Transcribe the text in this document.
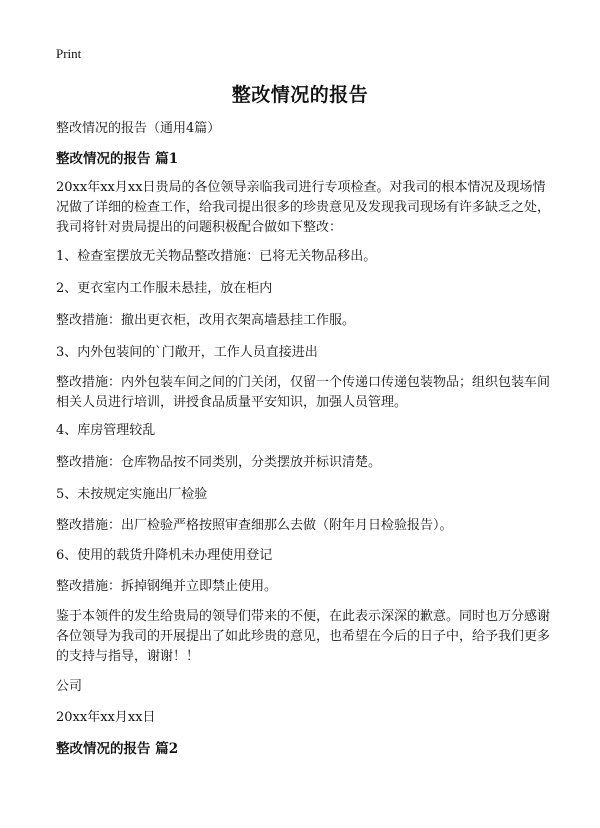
Print
整改情况的报告
整改情况的报告（通用4篇）
整改情况的报告 篇1
20xx年xx月xx日贵局的各位领导亲临我司进行专项检查。对我司的根本情况及现场情况做了详细的检查工作，给我司提出很多的珍贵意见及发现我司现场有许多缺乏之处，我司将针对贵局提出的问题积极配合做如下整改：
1、检查室摆放无关物品整改措施：已将无关物品移出。
2、更衣室内工作服未悬挂，放在柜内
整改措施：撤出更衣柜，改用衣架高墙悬挂工作服。
3、内外包装间的`门敞开，工作人员直接进出
整改措施：内外包装车间之间的门关闭，仅留一个传递口传递包装物品；组织包装车间相关人员进行培训，讲授食品质量平安知识，加强人员管理。
4、库房管理较乱
整改措施：仓库物品按不同类别，分类摆放并标识清楚。
5、未按规定实施出厂检验
整改措施：出厂检验严格按照审查细那么去做（附年月日检验报告）。
6、使用的载货升降机未办理使用登记
整改措施：拆掉钢绳并立即禁止使用。
鉴于本领件的发生给贵局的领导们带来的不便，在此表示深深的歉意。同时也万分感谢各位领导为我司的开展提出了如此珍贵的意见，也希望在今后的日子中，给予我们更多的支持与指导，谢谢！！
公司
20xx年xx月xx日
整改情况的报告 篇2
